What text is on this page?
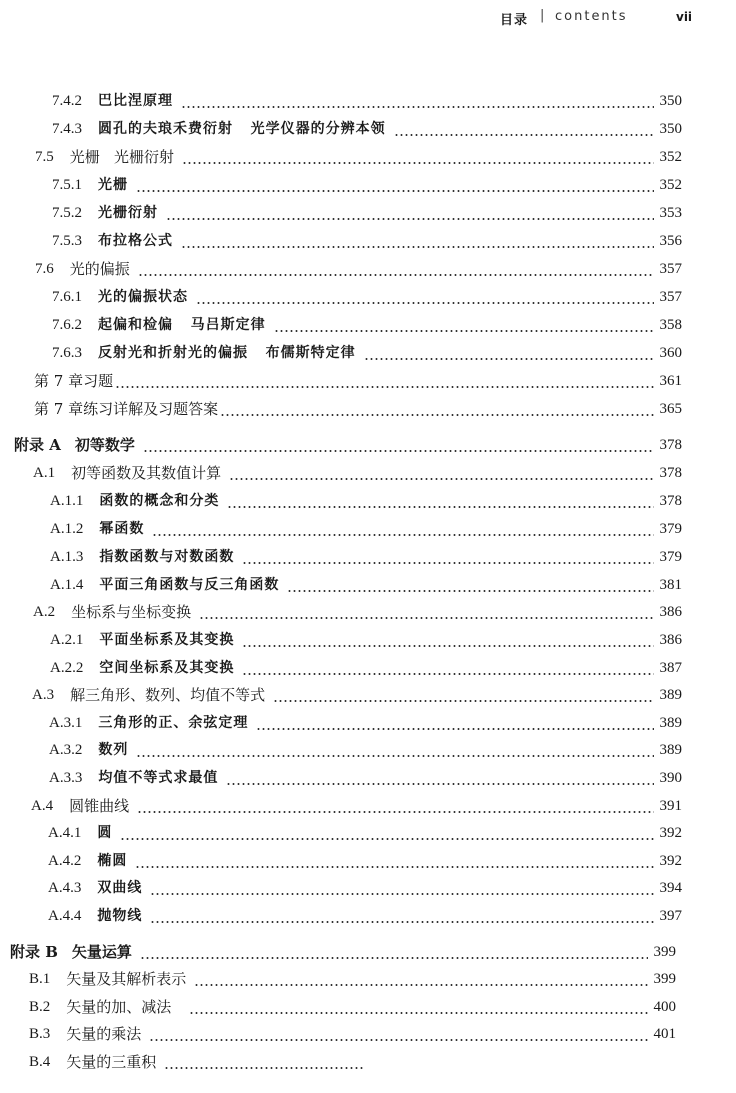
目录 | contents	vii
7.4.2 巴比涅原理	350
7.4.3 圆孔的夫琅禾费衍射   光学仪器的分辨本领	350
7.5 光栅   光栅衍射	352
7.5.1 光栅	352
7.5.2 光栅衍射	353
7.5.3 布拉格公式	356
7.6 光的偏振	357
7.6.1 光的偏振状态	357
7.6.2 起偏和检偏   马吕斯定律	358
7.6.3 反射光和折射光的偏振   布儒斯特定律	360
第 7 章习题	361
第 7 章练习详解及习题答案	365
附录 A 初等数学	378
A.1 初等函数及其数值计算	378
A.1.1 函数的概念和分类	378
A.1.2 幂函数	379
A.1.3 指数函数与对数函数	379
A.1.4 平面三角函数与反三角函数	381
A.2 坐标系与坐标变换	386
A.2.1 平面坐标系及其变换	386
A.2.2 空间坐标系及其变换	387
A.3 解三角形、数列、均值不等式	389
A.3.1 三角形的正、余弦定理	389
A.3.2 数列	389
A.3.3 均值不等式求最值	390
A.4 圆锥曲线	391
A.4.1 圆	392
A.4.2 椭圆	392
A.4.3 双曲线	394
A.4.4 抛物线	397
附录 B 矢量运算	399
B.1 矢量及其解析表示	399
B.2 矢量的加、减法	400
B.3 矢量的乘法	401
B.4 矢量的三重积
